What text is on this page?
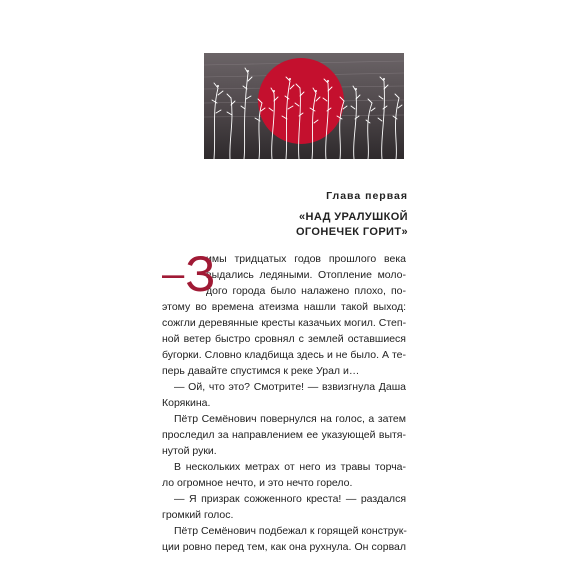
Глава первая
«НАД УРАЛУШКОЙ
ОГОНЕЧЕК ГОРИТ»
– З
имы тридцатых годов прошлого века
выдались ледяными. Отопление моло-
дого города было налажено плохо, по-
этому во времена атеизма нашли такой выход:
сожгли деревянные кресты казачьих могил. Степ-
ной ветер быстро сровнял с землей оставшиеся
бугорки. Словно кладбища здесь и не было. А те-
перь давайте спустимся к реке Урал и…
— Ой, что это? Смотрите! — взвизгнула Даша
Корякина.
Пётр Семёнович повернулся на голос, а затем
проследил за направлением ее указующей вытя-
нутой руки.
В нескольких метрах от него из травы торча-
ло огромное нечто, и это нечто горело.
— Я призрак сожженного креста! — раздался
громкий голос.
Пётр Семёнович подбежал к горящей конструк-
ции ровно перед тем, как она рухнула. Он сорвал
